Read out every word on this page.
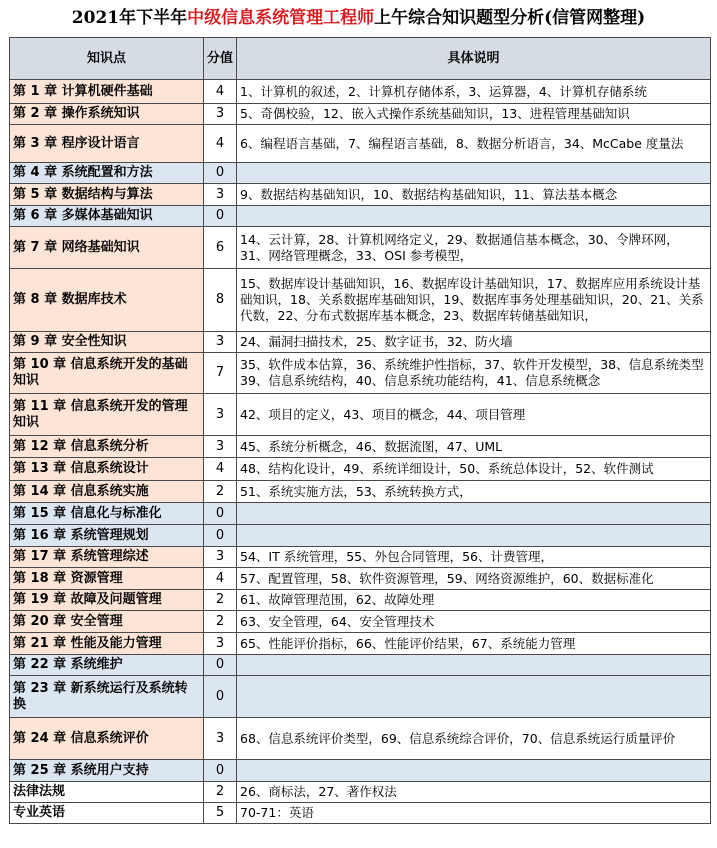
2021年下半年中级信息系统管理工程师上午综合知识题型分析(信管网整理)
知识点	分值	具体说明
第 1 章 计算机硬件基础	4	1、计算机的叙述，2、计算机存储体系，3、运算器，4、计算机存储系统
第 2 章 操作系统知识	3	5、奇偶校验，12、嵌入式操作系统基础知识，13、进程管理基础知识
第 3 章 程序设计语言	4	6、编程语言基础，7、编程语言基础，8、数据分析语言，34、McCabe 度量法
第 4 章 系统配置和方法	0	
第 5 章 数据结构与算法	3	9、数据结构基础知识，10、数据结构基础知识，11、算法基本概念
第 6 章 多媒体基础知识	0	
第 7 章 网络基础知识	6	14、云计算，28、计算机网络定义，29、数据通信基本概念，30、令牌环网，31、网络管理概念，33、OSI 参考模型，
第 8 章 数据库技术	8	15、数据库设计基础知识，16、数据库设计基础知识，17、数据库应用系统设计基础知识，18、关系数据库基础知识，19、数据库事务处理基础知识，20、21、关系代数，22、分布式数据库基本概念，23、数据库转储基础知识，
第 9 章 安全性知识	3	24、漏洞扫描技术，25、数字证书，32、防火墙
第 10 章 信息系统开发的基础知识	7	35、软件成本估算，36、系统维护性指标，37、软件开发模型，38、信息系统类型 39、信息系统结构，40、信息系统功能结构，41、信息系统概念
第 11 章 信息系统开发的管理知识	3	42、项目的定义，43、项目的概念，44、项目管理
第 12 章 信息系统分析	3	45、系统分析概念，46、数据流图，47、UML
第 13 章 信息系统设计	4	48、结构化设计，49、系统详细设计，50、系统总体设计，52、软件测试
第 14 章 信息系统实施	2	51、系统实施方法，53、系统转换方式，
第 15 章 信息化与标准化	0	
第 16 章 系统管理规划	0	
第 17 章 系统管理综述	3	54、IT 系统管理，55、外包合同管理，56、计费管理，
第 18 章 资源管理	4	57、配置管理，58、软件资源管理，59、网络资源维护，60、数据标准化
第 19 章 故障及问题管理	2	61、故障管理范围，62、故障处理
第 20 章 安全管理	2	63、安全管理，64、安全管理技术
第 21 章 性能及能力管理	3	65、性能评价指标，66、性能评价结果，67、系统能力管理
第 22 章 系统维护	0	
第 23 章 新系统运行及系统转换	0	
第 24 章 信息系统评价	3	68、信息系统评价类型，69、信息系统综合评价，70、信息系统运行质量评价
第 25 章 系统用户支持	0	
法律法规	2	26、商标法，27、著作权法
专业英语	5	70-71：英语
